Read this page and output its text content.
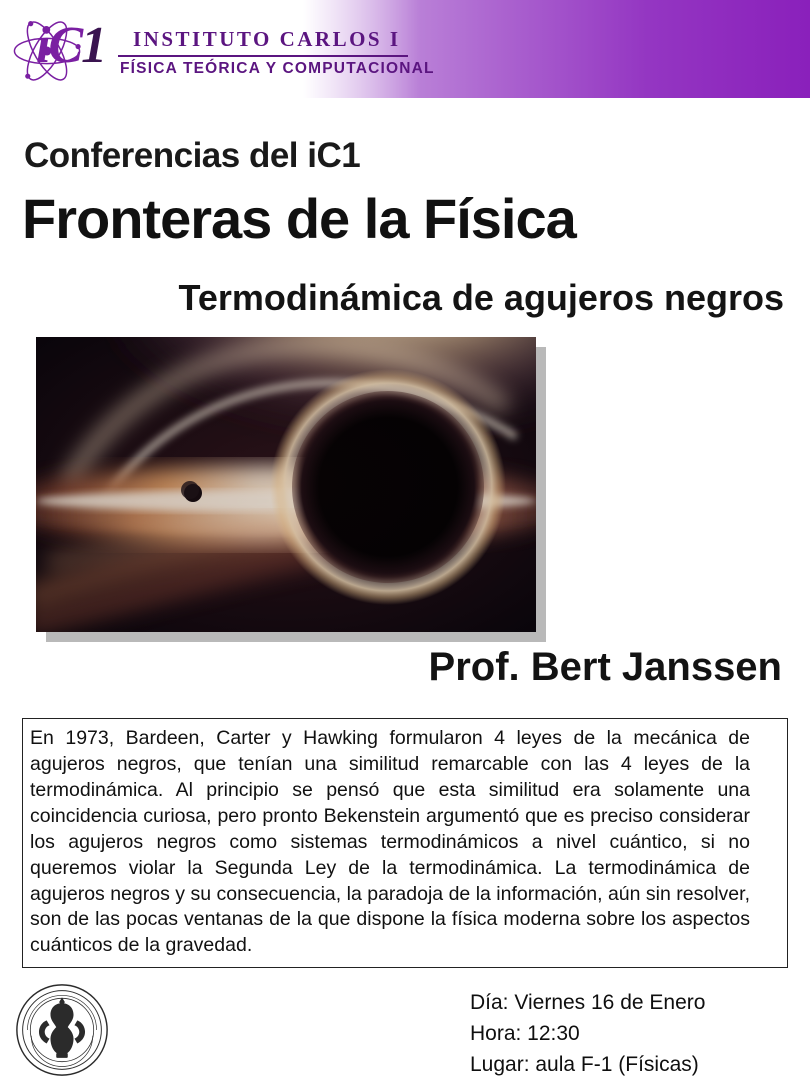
iC1 INSTITUTO CARLOS I
FÍSICA TEÓRICA Y COMPUTACIONAL
Conferencias del iC1
Fronteras de la Física
Termodinámica de agujeros negros
Prof. Bert Janssen
En 1973, Bardeen, Carter y Hawking formularon 4 leyes de la mecánica de agujeros negros, que tenían una similitud remarcable con las 4 leyes de la termodinámica. Al principio se pensó que esta similitud era solamente una coincidencia curiosa, pero pronto Bekenstein argumentó que es preciso considerar los agujeros negros como sistemas termodinámicos a nivel cuántico, si no queremos violar la Segunda Ley de la termodinámica. La termodinámica de agujeros negros y su consecuencia, la paradoja de la información, aún sin resolver, son de las pocas ventanas de la que dispone la física moderna sobre los aspectos cuánticos de la gravedad.
Día: Viernes 16 de Enero
Hora: 12:30
Lugar: aula F-1 (Físicas)
